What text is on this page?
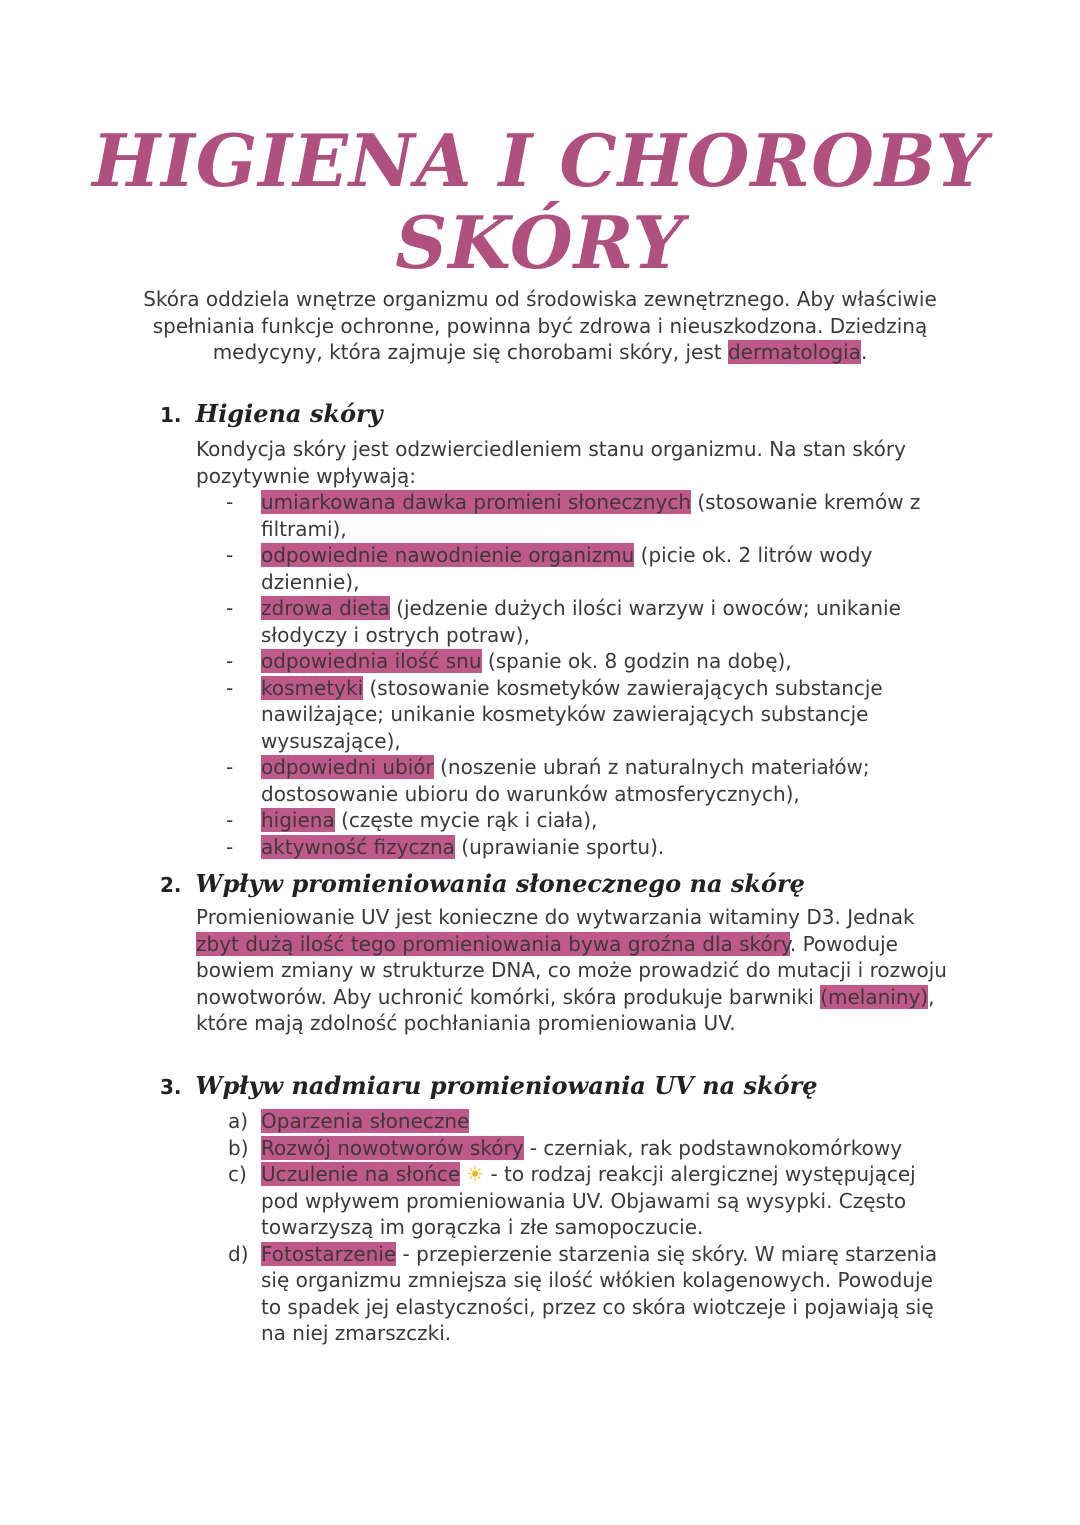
HIGIENA I CHOROBY
SKÓRY
Skóra oddziela wnętrze organizmu od środowiska zewnętrznego. Aby właściwie spełniania funkcje ochronne, powinna być zdrowa i nieuszkodzona. Dziedziną medycyny, która zajmuje się chorobami skóry, jest dermatologia.
1. Higiena skóry
Kondycja skóry jest odzwierciedleniem stanu organizmu. Na stan skóry pozytywnie wpływają:
- umiarkowana dawka promieni słonecznych (stosowanie kremów z filtrami),
- odpowiednie nawodnienie organizmu (picie ok. 2 litrów wody dziennie),
- zdrowa dieta (jedzenie dużych ilości warzyw i owoców; unikanie słodyczy i ostrych potraw),
- odpowiednia ilość snu (spanie ok. 8 godzin na dobę),
- kosmetyki (stosowanie kosmetyków zawierających substancje nawilżające; unikanie kosmetyków zawierających substancje wysuszające),
- odpowiedni ubiór (noszenie ubrań z naturalnych materiałów; dostosowanie ubioru do warunków atmosferycznych),
- higiena (częste mycie rąk i ciała),
- aktywność fizyczna (uprawianie sportu).
2. Wpływ promieniowania słonecznego na skórę
Promieniowanie UV jest konieczne do wytwarzania witaminy D3. Jednak zbyt dużą ilość tego promieniowania bywa groźna dla skóry. Powoduje bowiem zmiany w strukturze DNA, co może prowadzić do mutacji i rozwoju nowotworów. Aby uchronić komórki, skóra produkuje barwniki (melaniny), które mają zdolność pochłaniania promieniowania UV.
3. Wpływ nadmiaru promieniowania UV na skórę
a) Oparzenia słoneczne
b) Rozwój nowotworów skóry - czerniak, rak podstawnokomórkowy
c) Uczulenie na słońce ☀ - to rodzaj reakcji alergicznej występującej pod wpływem promieniowania UV. Objawami są wysypki. Często towarzyszą im gorączka i złe samopoczucie.
d) Fotostarzenie - przepierzenie starzenia się skóry. W miarę starzenia się organizmu zmniejsza się ilość włókien kolagenowych. Powoduje to spadek jej elastyczności, przez co skóra wiotczeje i pojawiają się na niej zmarszczki.
